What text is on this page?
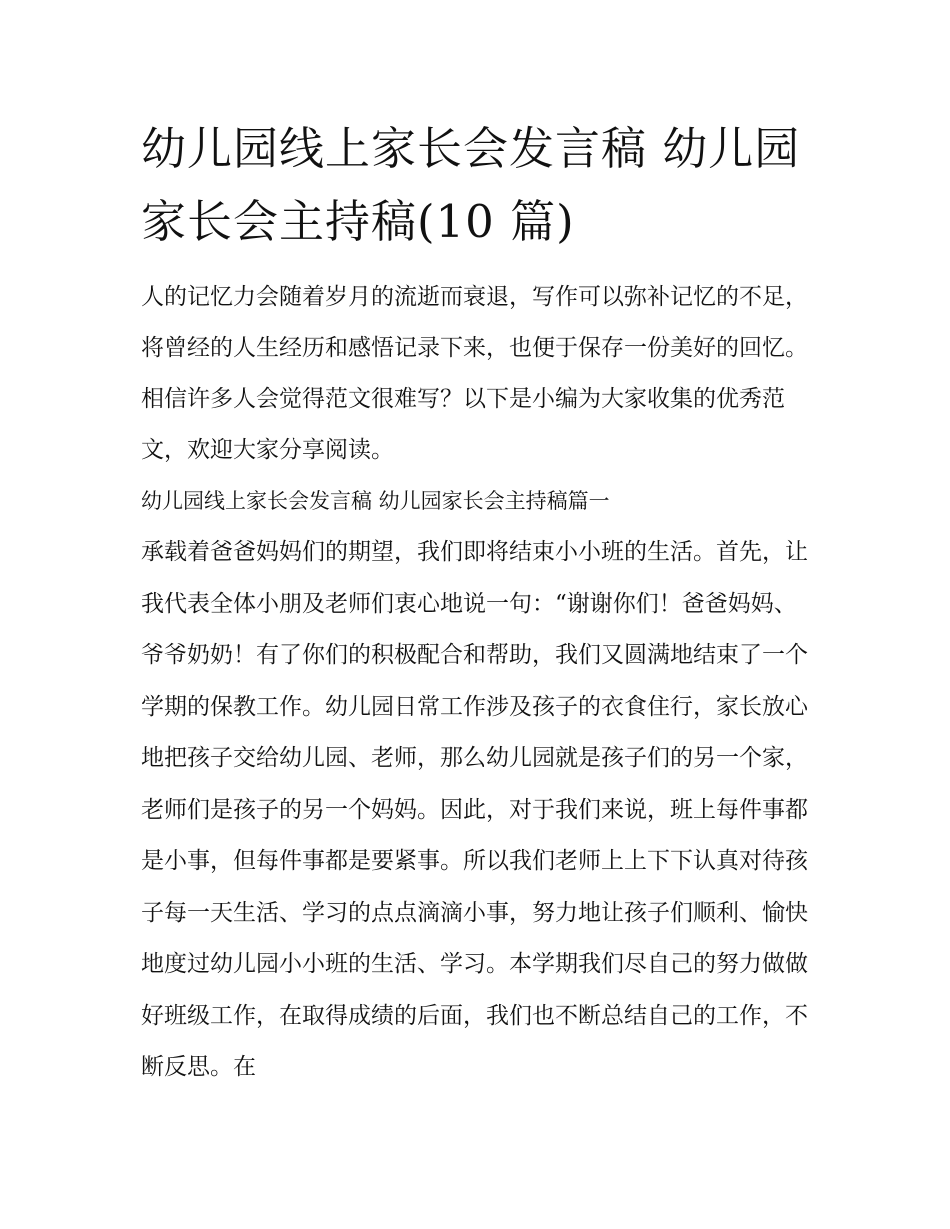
幼儿园线上家长会发言稿 幼儿园家长会主持稿(10 篇)

人的记忆力会随着岁月的流逝而衰退，写作可以弥补记忆的不足，将曾经的人生经历和感悟记录下来，也便于保存一份美好的回忆。相信许多人会觉得范文很难写？以下是小编为大家收集的优秀范文，欢迎大家分享阅读。

幼儿园线上家长会发言稿 幼儿园家长会主持稿篇一

承载着爸爸妈妈们的期望，我们即将结束小小班的生活。首先，让我代表全体小朋及老师们衷心地说一句：“谢谢你们！爸爸妈妈、爷爷奶奶！有了你们的积极配合和帮助，我们又圆满地结束了一个学期的保教工作。幼儿园日常工作涉及孩子的衣食住行，家长放心地把孩子交给幼儿园、老师，那么幼儿园就是孩子们的另一个家，老师们是孩子的另一个妈妈。因此，对于我们来说，班上每件事都是小事，但每件事都是要紧事。所以我们老师上上下下认真对待孩子每一天生活、学习的点点滴滴小事，努力地让孩子们顺利、愉快地度过幼儿园小小班的生活、学习。本学期我们尽自己的努力做做好班级工作，在取得成绩的后面，我们也不断总结自己的工作，不断反思。在
